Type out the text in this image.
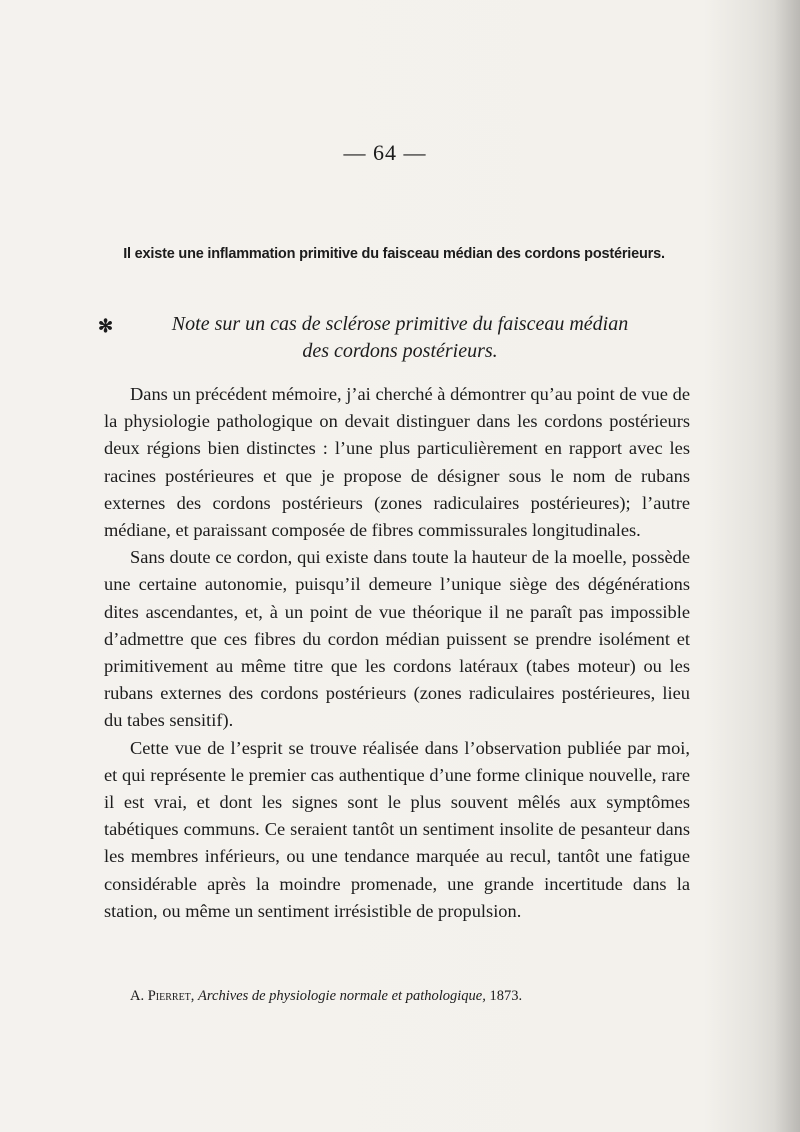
— 64 —
Il existe une inflammation primitive du faisceau médian des cordons postérieurs.
✻	Note sur un cas de sclérose primitive du faisceau médian
des cordons postérieurs.

Dans un précédent mémoire, j’ai cherché à démontrer qu’au point de vue de la physiologie pathologique on devait distinguer dans les cordons postérieurs deux régions bien distinctes : l’une plus particulièrement en rapport avec les racines postérieures et que je propose de désigner sous le nom de rubans externes des cordons postérieurs (zones radiculaires postérieures); l’autre médiane, et paraissant composée de fibres commissurales longitudinales.

Sans doute ce cordon, qui existe dans toute la hauteur de la moelle, possède une certaine autonomie, puisqu’il demeure l’unique siège des dégénérations dites ascendantes, et, à un point de vue théorique il ne paraît pas impossible d’admettre que ces fibres du cordon médian puissent se prendre isolément et primitivement au même titre que les cordons latéraux (tabes moteur) ou les rubans externes des cordons postérieurs (zones radiculaires postérieures, lieu du tabes sensitif).

Cette vue de l’esprit se trouve réalisée dans l’observation publiée par moi, et qui représente le premier cas authentique d’une forme clinique nouvelle, rare il est vrai, et dont les signes sont le plus souvent mêlés aux symptômes tabétiques communs. Ce seraient tantôt un sentiment insolite de pesanteur dans les membres inférieurs, ou une tendance marquée au recul, tantôt une fatigue considérable après la moindre promenade, une grande incertitude dans la station, ou même un sentiment irrésistible de propulsion.

A. Pierret, Archives de physiologie normale et pathologique, 1873.
